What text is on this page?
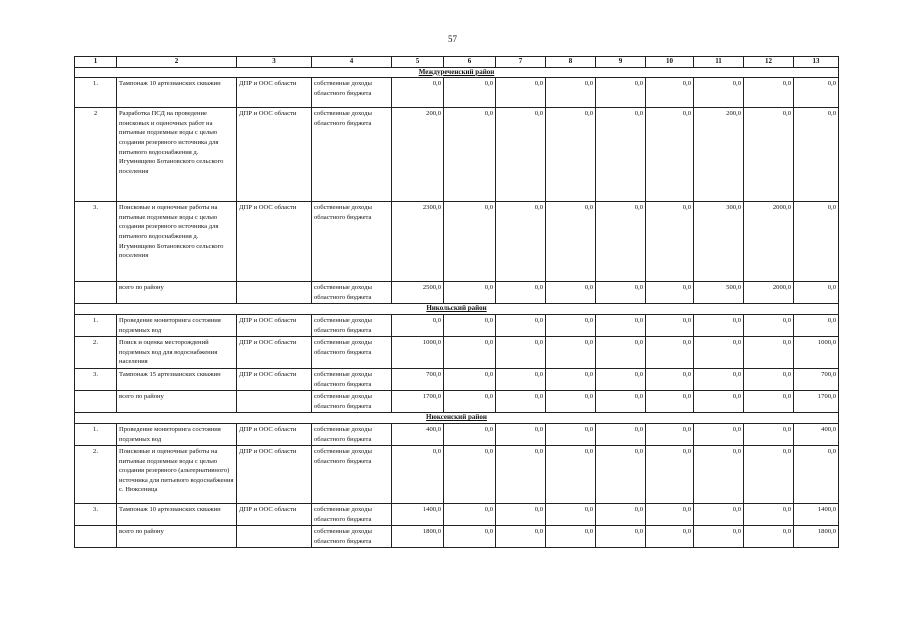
57
1	2	3	4	5	6	7	8	9	10	11	12	13
Междуреченский район												
1.	Тампонаж 10 артезианских скважин	ДПР и ООС области	собственные доходы областного бюджета	0,0	0,0	0,0	0,0	0,0	0,0	0,0	0,0	0,0
2	Разработка ПСД на проведение поисковых и оценочных работ на питьевые подземные воды с целью создания резервного источника для питьевого водоснабжения д. Игумнищево Ботановского сельского поселения	ДПР и ООС области	собственные доходы областного бюджета	200,0	0,0	0,0	0,0	0,0	0,0	200,0	0,0	0,0
3.	Поисковые и оценочные работы на питьевые подземные воды с целью создания резервного источника для питьевого водоснабжения д. Игумнищево Ботановского сельского поселения	ДПР и ООС области	собственные доходы областного бюджета	2300,0	0,0	0,0	0,0	0,0	0,0	300,0	2000,0	0,0
	всего по району		собственные доходы областного бюджета	2500,0	0,0	0,0	0,0	0,0	0,0	500,0	2000,0	0,0
Никольский район												
1.	Проведение мониторинга состояния подземных вод	ДПР и ООС области	собственные доходы областного бюджета	0,0	0,0	0,0	0,0	0,0	0,0	0,0	0,0	0,0
2.	Поиск и оценка месторождений подземных вод для водоснабжения населения	ДПР и ООС области	собственные доходы областного бюджета	1000,0	0,0	0,0	0,0	0,0	0,0	0,0	0,0	1000,0
3.	Тампонаж 15 артезианских скважин	ДПР и ООС области	собственные доходы областного бюджета	700,0	0,0	0,0	0,0	0,0	0,0	0,0	0,0	700,0
	всего по району		собственные доходы областного бюджета	1700,0	0,0	0,0	0,0	0,0	0,0	0,0	0,0	1700,0
Нюксенский район												
1.	Проведение мониторинга состояния подземных вод	ДПР и ООС области	собственные доходы областного бюджета	400,0	0,0	0,0	0,0	0,0	0,0	0,0	0,0	400,0
2.	Поисковые и оценочные работы на питьевые подземные воды с целью создания резервного (альтернативного) источника для питьевого водоснабжения с. Нюксеница	ДПР и ООС области	собственные доходы областного бюджета	0,0	0,0	0,0	0,0	0,0	0,0	0,0	0,0	0,0
3.	Тампонаж 10 артезианских скважин	ДПР и ООС области	собственные доходы областного бюджета	1400,0	0,0	0,0	0,0	0,0	0,0	0,0	0,0	1400,0
	всего по району		собственные доходы областного бюджета	1800,0	0,0	0,0	0,0	0,0	0,0	0,0	0,0	1800,0
